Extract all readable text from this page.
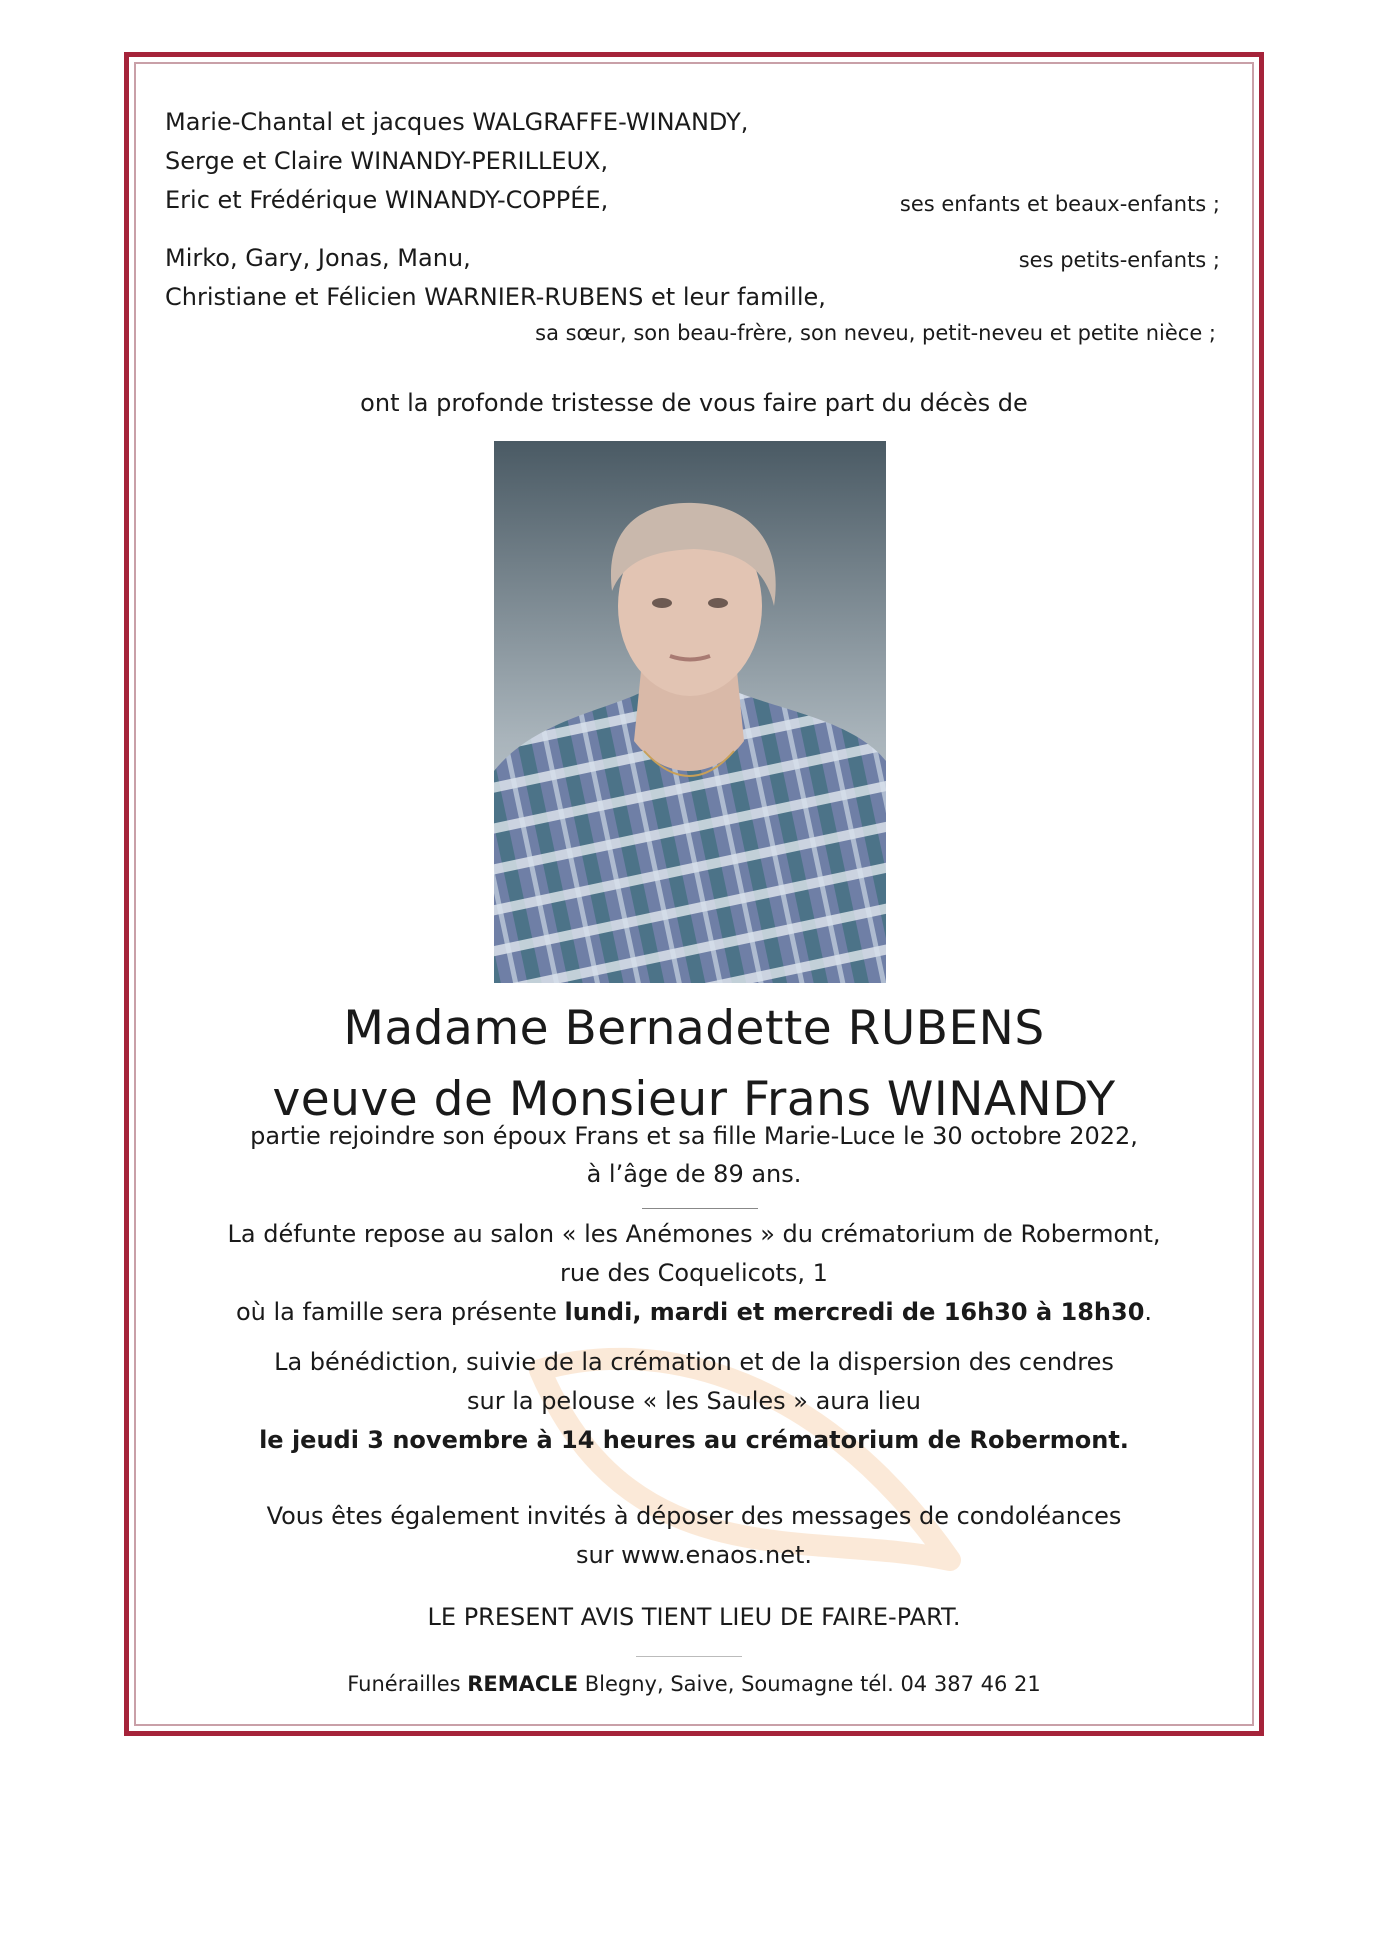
Marie-Chantal et jacques WALGRAFFE-WINANDY,
Serge et Claire WINANDY-PERILLEUX,
Eric et Frédérique WINANDY-COPPÉE,	ses enfants et beaux-enfants ;
Mirko, Gary, Jonas, Manu,	ses petits-enfants ;
Christiane et Félicien WARNIER-RUBENS et leur famille,
sa sœur, son beau-frère, son neveu, petit-neveu et petite nièce ;
ont la profonde tristesse de vous faire part du décès de
Madame Bernadette RUBENS
veuve de Monsieur Frans WINANDY
partie rejoindre son époux Frans et sa fille Marie-Luce le 30 octobre 2022,
à l’âge de 89 ans.
La défunte repose au salon « les Anémones » du crématorium de Robermont,
rue des Coquelicots, 1
où la famille sera présente lundi, mardi et mercredi de 16h30 à 18h30.
La bénédiction, suivie de la crémation et de la dispersion des cendres
sur la pelouse « les Saules » aura lieu
le jeudi 3 novembre à 14 heures au crématorium de Robermont.
Vous êtes également invités à déposer des messages de condoléances
sur www.enaos.net.
LE PRESENT AVIS TIENT LIEU DE FAIRE-PART.
Funérailles REMACLE Blegny, Saive, Soumagne tél. 04 387 46 21
